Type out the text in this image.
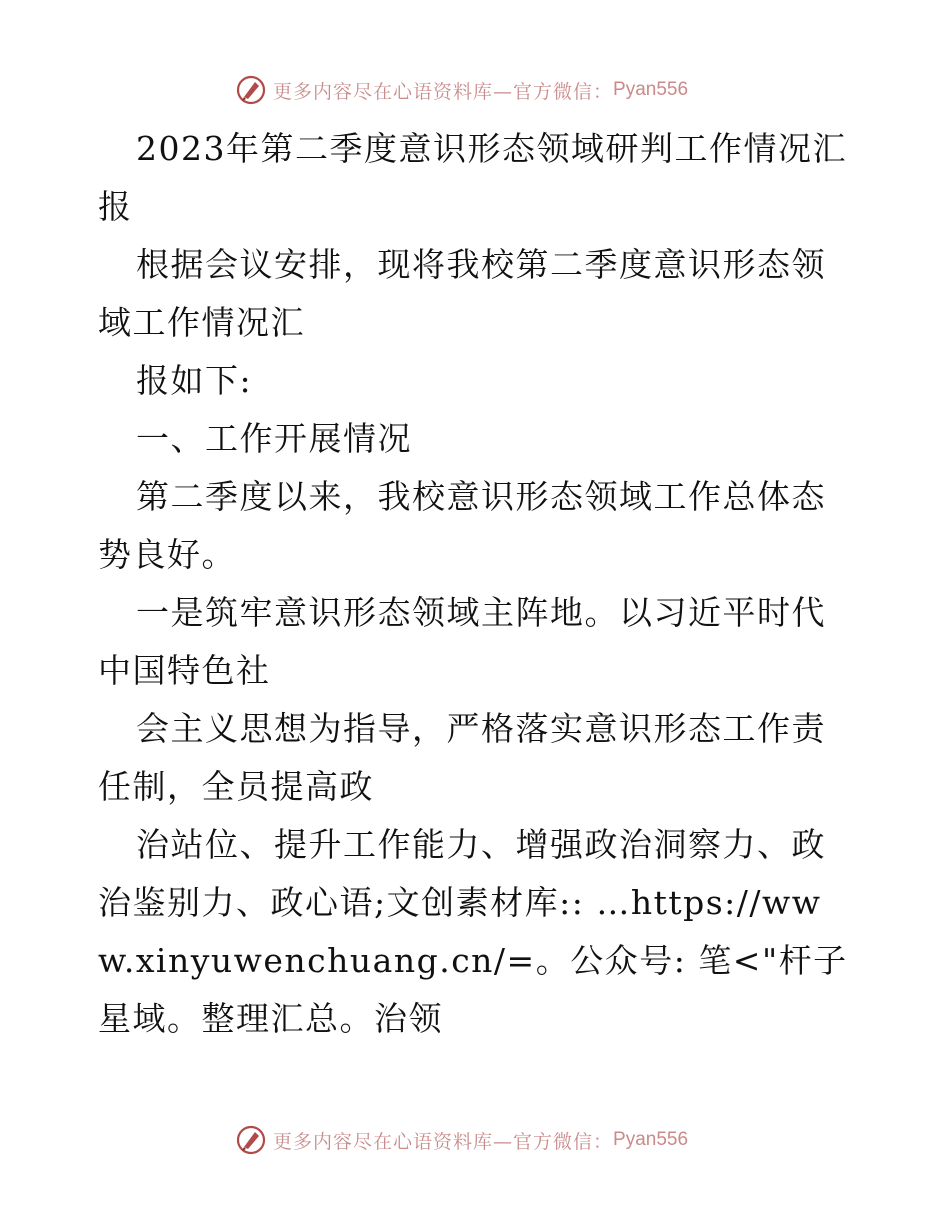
更多内容尽在心语资料库—官方微信： Pyan556

2023年第二季度意识形态领域研判工作情况汇报

根据会议安排，现将我校第二季度意识形态领域工作情况汇

报如下:

一、工作开展情况

第二季度以来，我校意识形态领域工作总体态势良好。

一是筑牢意识形态领域主阵地。以习近平时代中国特色社

会主义思想为指导，严格落实意识形态工作责任制，全员提高政

治站位、提升工作能力、增强政治洞察力、政治鉴别力、政心语;文创素材库:: …https://www.xinyuwenchuang.cn/=。公众号: 笔<"杆子星域。整理汇总。治领

更多内容尽在心语资料库—官方微信： Pyan556
